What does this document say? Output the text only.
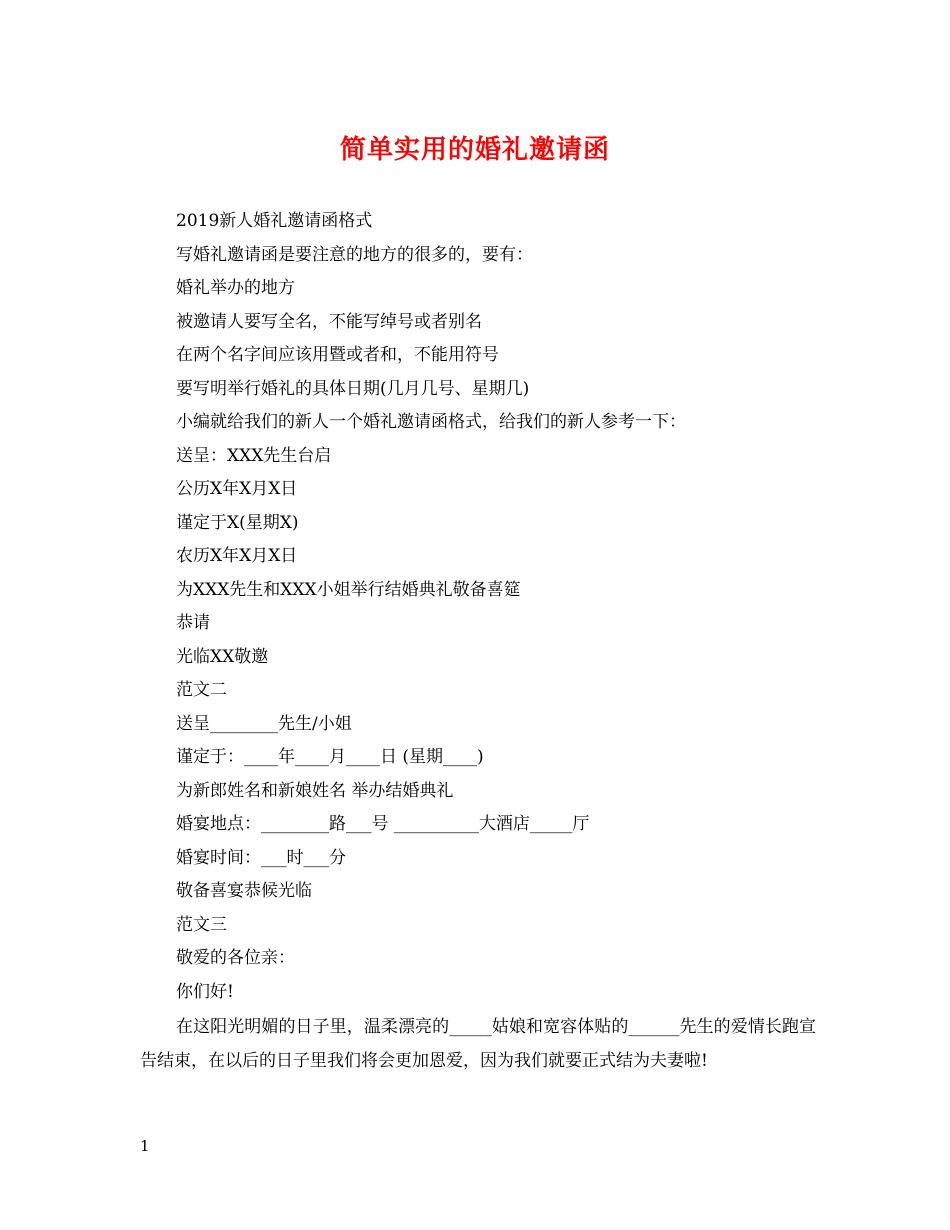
简单实用的婚礼邀请函
2019新人婚礼邀请函格式
写婚礼邀请函是要注意的地方的很多的，要有：
婚礼举办的地方
被邀请人要写全名，不能写绰号或者别名
在两个名字间应该用暨或者和，不能用符号
要写明举行婚礼的具体日期(几月几号、星期几)
小编就给我们的新人一个婚礼邀请函格式，给我们的新人参考一下：
送呈：XXX先生台启
公历X年X月X日
谨定于X(星期X)
农历X年X月X日
为XXX先生和XXX小姐举行结婚典礼敬备喜筵
恭请
光临XX敬邀
范文二
送呈________先生/小姐
谨定于：____年____月____日 (星期____)
为新郎姓名和新娘姓名 举办结婚典礼
婚宴地点：________路___号 __________大酒店_____厅
婚宴时间：___时___分
敬备喜宴恭候光临
范文三
敬爱的各位亲：
你们好!
在这阳光明媚的日子里，温柔漂亮的_____姑娘和宽容体贴的______先生的爱情长跑宣告结束，在以后的日子里我们将会更加恩爱，因为我们就要正式结为夫妻啦!
1
